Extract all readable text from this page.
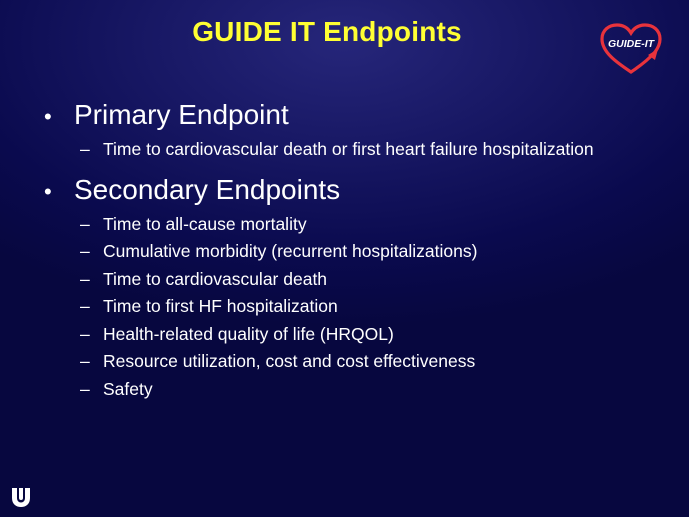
GUIDE IT Endpoints	GUIDE-IT
• Primary Endpoint
– Time to cardiovascular death or first heart failure hospitalization
• Secondary Endpoints
– Time to all-cause mortality
– Cumulative morbidity (recurrent hospitalizations)
– Time to cardiovascular death
– Time to first HF hospitalization
– Health-related quality of life (HRQOL)
– Resource utilization, cost and cost effectiveness
– Safety
